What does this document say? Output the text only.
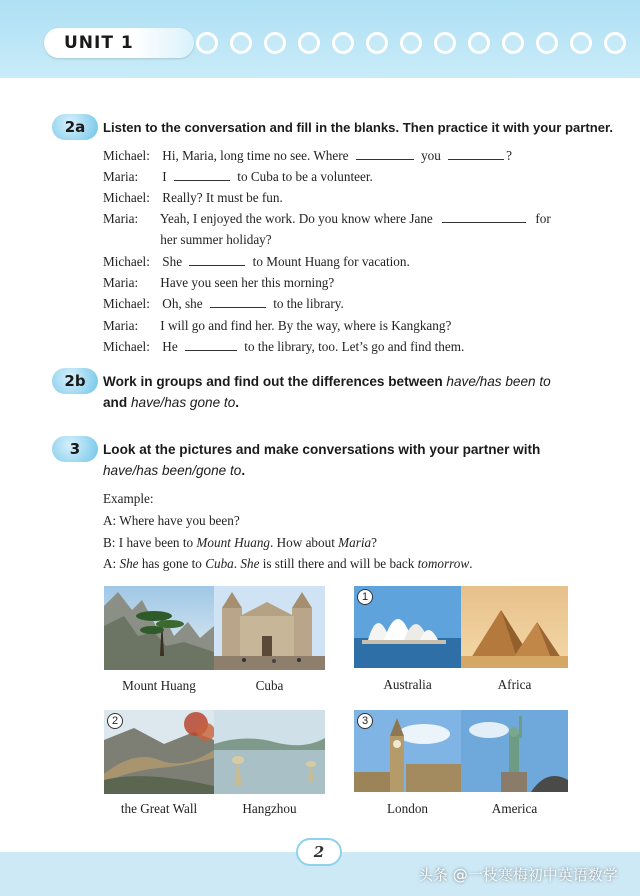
UNIT 1
2a	Listen to the conversation and fill in the blanks. Then practice it with your partner.
Michael: Hi, Maria, long time no see. Where	you	?
Maria: I	to Cuba to be a volunteer.
Michael: Really? It must be fun.
Maria: Yeah, I enjoyed the work. Do you know where Jane	for
her summer holiday?
Michael: She	to Mount Huang for vacation.
Maria: Have you seen her this morning?
Michael: Oh, she	to the library.
Maria: I will go and find her. By the way, where is Kangkang?
Michael: He	to the library, too. Let’s go and find them.
2b	Work in groups and find out the differences between have/has been to
and have/has gone to.
3	Look at the pictures and make conversations with your partner with
have/has been/gone to.
Example:
A: Where have you been?
B: I have been to Mount Huang. How about Maria?
A: She has gone to Cuba. She is still there and will be back tomorrow.
Mount Huang	Cuba
1
Australia	Africa
2
the Great Wall	Hangzhou
3
London	America
2
头条 @一枝寒梅初中英语数学
